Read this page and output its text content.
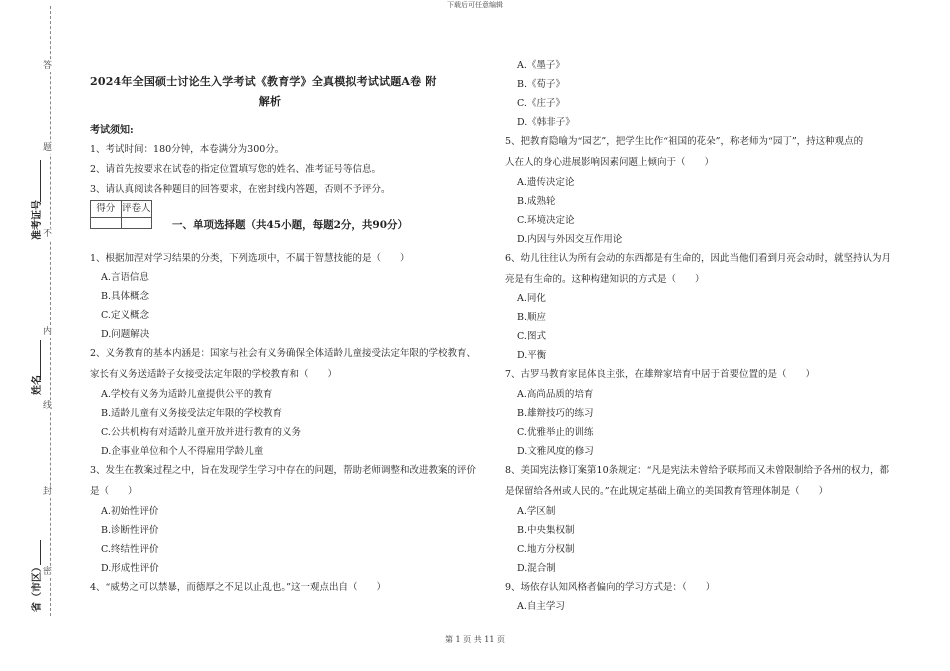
下载后可任意编辑
答
题
不
内
线
封
密
准考证号
姓名
省（市区）
2024年全国硕士讨论生入学考试《教育学》全真模拟考试试题A卷 附
解析
考试须知:
1、考试时间：180分钟，本卷满分为300分。
2、请首先按要求在试卷的指定位置填写您的姓名、准考证号等信息。
3、请认真阅读各种题目的回答要求，在密封线内答题，否则不予评分。
得分 评卷人
一、单项选择题（共45小题，每题2分，共90分）
1、根据加涅对学习结果的分类，下列选项中，不属于智慧技能的是（　　）
A.言语信息
B.具体概念
C.定义概念
D.问题解决
2、义务教育的基本内涵是：国家与社会有义务确保全体适龄儿童接受法定年限的学校教育、
家长有义务送适龄子女接受法定年限的学校教育和（　　）
A.学校有义务为适龄儿童提供公平的教育
B.适龄儿童有义务接受法定年限的学校教育
C.公共机构有对适龄儿童开放并进行教育的义务
D.企事业单位和个人不得雇用学龄儿童
3、发生在教案过程之中，旨在发现学生学习中存在的问题，帮助老师调整和改进教案的评价
是（　　）
A.初始性评价
B.诊断性评价
C.终结性评价
D.形成性评价
4、“威势之可以禁暴，而德厚之不足以止乱也。”这一观点出自（　　）
A.《墨子》
B.《荀子》
C.《庄子》
D.《韩非子》
5、把教育隐喻为“园艺”，把学生比作“祖国的花朵”，称老师为“园丁”，持这种观点的
人在人的身心进展影响因素问题上倾向于（　　）
A.遗传决定论
B.成熟轮
C.环境决定论
D.内因与外因交互作用论
6、幼儿往往认为所有会动的东西都是有生命的，因此当他们看到月亮会动时，就坚持认为月
亮是有生命的。这种构建知识的方式是（　　）
A.同化
B.顺应
C.图式
D.平衡
7、古罗马教育家昆体良主张，在雄辩家培育中居于首要位置的是（　　）
A.高尚品质的培育
B.雄辩技巧的练习
C.优雅举止的训练
D.文雅风度的修习
8、美国宪法修订案第10条规定：“凡是宪法未曾给予联邦而又未曾限制给予各州的权力，都
是保留给各州或人民的。”在此规定基础上确立的美国教育管理体制是（　　）
A.学区制
B.中央集权制
C.地方分权制
D.混合制
9、场依存认知风格者偏向的学习方式是：（　　）
A.自主学习
第 1 页 共 11 页
